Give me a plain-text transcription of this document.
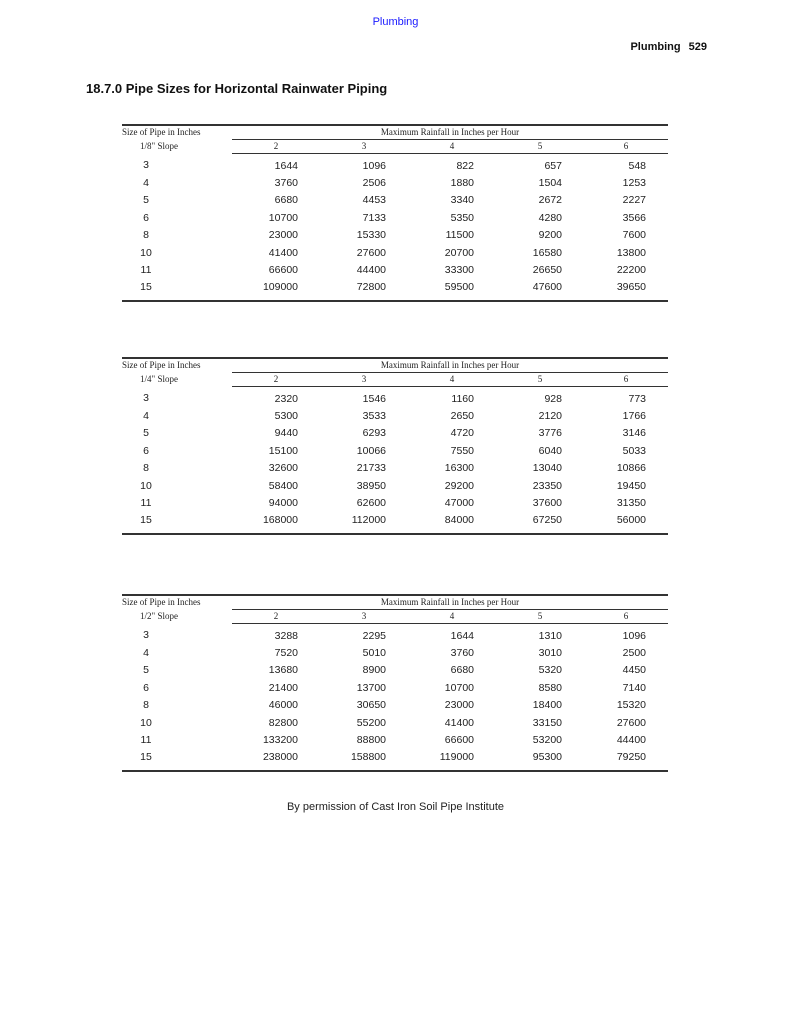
Plumbing
Plumbing 529
18.7.0 Pipe Sizes for Horizontal Rainwater Piping
Size of Pipe in Inches	Maximum Rainfall in Inches per Hour				
1/8" Slope	2	3	4	5	6
3	1644	1096	822	657	548
4	3760	2506	1880	1504	1253
5	6680	4453	3340	2672	2227
6	10700	7133	5350	4280	3566
8	23000	15330	11500	9200	7600
10	41400	27600	20700	16580	13800
11	66600	44400	33300	26650	22200
15	109000	72800	59500	47600	39650
Size of Pipe in Inches	Maximum Rainfall in Inches per Hour				
1/4" Slope	2	3	4	5	6
3	2320	1546	1160	928	773
4	5300	3533	2650	2120	1766
5	9440	6293	4720	3776	3146
6	15100	10066	7550	6040	5033
8	32600	21733	16300	13040	10866
10	58400	38950	29200	23350	19450
11	94000	62600	47000	37600	31350
15	168000	112000	84000	67250	56000
Size of Pipe in Inches	Maximum Rainfall in Inches per Hour				
1/2" Slope	2	3	4	5	6
3	3288	2295	1644	1310	1096
4	7520	5010	3760	3010	2500
5	13680	8900	6680	5320	4450
6	21400	13700	10700	8580	7140
8	46000	30650	23000	18400	15320
10	82800	55200	41400	33150	27600
11	133200	88800	66600	53200	44400
15	238000	158800	119000	95300	79250
By permission of Cast Iron Soil Pipe Institute
